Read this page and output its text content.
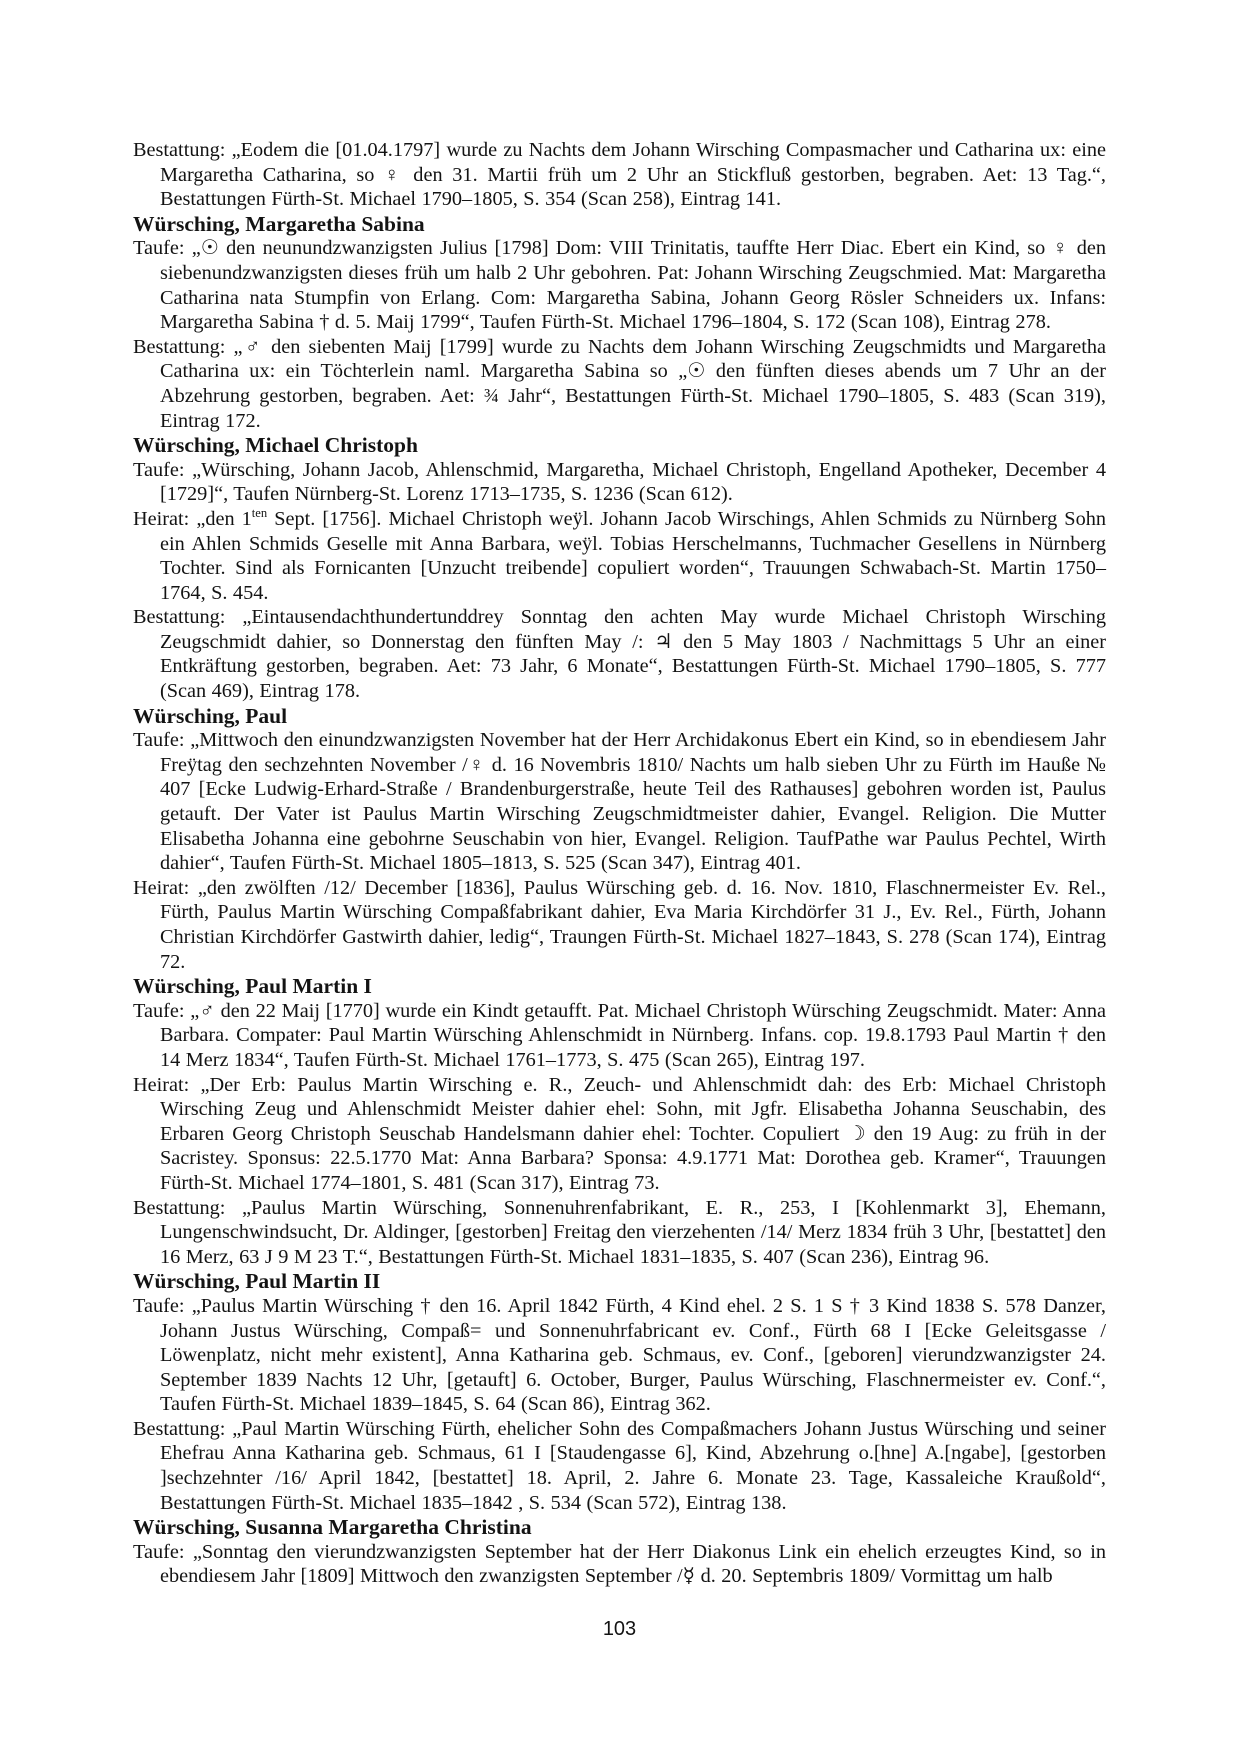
Bestattung: „Eodem die [01.04.1797] wurde zu Nachts dem Johann Wirsching Compasmacher und Catharina ux: eine Margaretha Catharina, so ♀ den 31. Martii früh um 2 Uhr an Stickfluß gestorben, begraben. Aet: 13 Tag.“, Bestattungen Fürth-St. Michael 1790–1805, S. 354 (Scan 258), Eintrag 141.

Würsching, Margaretha Sabina

Taufe: „☉ den neunundzwanzigsten Julius [1798] Dom: VIII Trinitatis, tauffte Herr Diac. Ebert ein Kind, so ♀ den siebenundzwanzigsten dieses früh um halb 2 Uhr gebohren. Pat: Johann Wirsching Zeugschmied. Mat: Margaretha Catharina nata Stumpfin von Erlang. Com: Margaretha Sabina, Johann Georg Rösler Schneiders ux. Infans: Margaretha Sabina † d. 5. Maij 1799“, Taufen Fürth-St. Michael 1796–1804, S. 172 (Scan 108), Eintrag 278.

Bestattung: „♂ den siebenten Maij [1799] wurde zu Nachts dem Johann Wirsching Zeugschmidts und Margaretha Catharina ux: ein Töchterlein naml. Margaretha Sabina so „☉ den fünften dieses abends um 7 Uhr an der Abzehrung gestorben, begraben. Aet: ¾ Jahr“, Bestattungen Fürth-St. Michael 1790–1805, S. 483 (Scan 319), Eintrag 172.

Würsching, Michael Christoph

Taufe: „Würsching, Johann Jacob, Ahlenschmid, Margaretha, Michael Christoph, Engelland Apotheker, December 4 [1729]“, Taufen Nürnberg-St. Lorenz 1713–1735, S. 1236 (Scan 612).

Heirat: „den $1^{ten}$ Sept. [1756]. Michael Christoph weÿl. Johann Jacob Wirschings, Ahlen Schmids zu Nürnberg Sohn ein Ahlen Schmids Geselle mit Anna Barbara, weÿl. Tobias Herschelmanns, Tuchmacher Gesellens in Nürnberg Tochter. Sind als Fornicanten [Unzucht treibende] copuliert worden“, Trauungen Schwabach-St. Martin 1750–1764, S. 454.

Bestattung: „Eintausendachthundertunddrey Sonntag den achten May wurde Michael Christoph Wirsching Zeugschmidt dahier, so Donnerstag den fünften May /: ♃ den 5 May 1803 / Nachmittags 5 Uhr an einer Entkräftung gestorben, begraben. Aet: 73 Jahr, 6 Monate“, Bestattungen Fürth-St. Michael 1790–1805, S. 777 (Scan 469), Eintrag 178.

Würsching, Paul

Taufe: „Mittwoch den einundzwanzigsten November hat der Herr Archidakonus Ebert ein Kind, so in ebendiesem Jahr Freÿtag den sechzehnten November /♀ d. 16 Novembris 1810/ Nachts um halb sieben Uhr zu Fürth im Hauße № 407 [Ecke Ludwig-Erhard-Straße / Brandenburgerstraße, heute Teil des Rathauses] gebohren worden ist, Paulus getauft. Der Vater ist Paulus Martin Wirsching Zeugschmidtmeister dahier, Evangel. Religion. Die Mutter Elisabetha Johanna eine gebohrne Seuschabin von hier, Evangel. Religion. TaufPathe war Paulus Pechtel, Wirth dahier“, Taufen Fürth-St. Michael 1805–1813, S. 525 (Scan 347), Eintrag 401.

Heirat: „den zwölften /12/ December [1836], Paulus Würsching geb. d. 16. Nov. 1810, Flaschnermeister Ev. Rel., Fürth, Paulus Martin Würsching Compaßfabrikant dahier, Eva Maria Kirchdörfer 31 J., Ev. Rel., Fürth, Johann Christian Kirchdörfer Gastwirth dahier, ledig“, Traungen Fürth-St. Michael 1827–1843, S. 278 (Scan 174), Eintrag 72.

Würsching, Paul Martin I

Taufe: „♂ den 22 Maij [1770] wurde ein Kindt getaufft. Pat. Michael Christoph Würsching Zeugschmidt. Mater: Anna Barbara. Compater: Paul Martin Würsching Ahlenschmidt in Nürnberg. Infans. cop. 19.8.1793 Paul Martin † den 14 Merz 1834“, Taufen Fürth-St. Michael 1761–1773, S. 475 (Scan 265), Eintrag 197.

Heirat: „Der Erb: Paulus Martin Wirsching e. R., Zeuch- und Ahlenschmidt dah: des Erb: Michael Christoph Wirsching Zeug und Ahlenschmidt Meister dahier ehel: Sohn, mit Jgfr. Elisabetha Johanna Seuschabin, des Erbaren Georg Christoph Seuschab Handelsmann dahier ehel: Tochter. Copuliert ☽ den 19 Aug: zu früh in der Sacristey. Sponsus: 22.5.1770 Mat: Anna Barbara? Sponsa: 4.9.1771 Mat: Dorothea geb. Kramer“, Trauungen Fürth-St. Michael 1774–1801, S. 481 (Scan 317), Eintrag 73.

Bestattung: „Paulus Martin Würsching, Sonnenuhrenfabrikant, E. R., 253, I [Kohlenmarkt 3], Ehemann, Lungenschwindsucht, Dr. Aldinger, [gestorben] Freitag den vierzehenten /14/ Merz 1834 früh 3 Uhr, [bestattet] den 16 Merz, 63 J 9 M 23 T.“, Bestattungen Fürth-St. Michael 1831–1835, S. 407 (Scan 236), Eintrag 96.

Würsching, Paul Martin II

Taufe: „Paulus Martin Würsching † den 16. April 1842 Fürth, 4 Kind ehel. 2 S. 1 S † 3 Kind 1838 S. 578 Danzer, Johann Justus Würsching, Compaß= und Sonnenuhrfabricant ev. Conf., Fürth 68 I [Ecke Geleitsgasse / Löwenplatz, nicht mehr existent], Anna Katharina geb. Schmaus, ev. Conf., [geboren] vierundzwanzigster 24. September 1839 Nachts 12 Uhr, [getauft] 6. October, Burger, Paulus Würsching, Flaschnermeister ev. Conf.“, Taufen Fürth-St. Michael 1839–1845, S. 64 (Scan 86), Eintrag 362.

Bestattung: „Paul Martin Würsching Fürth, ehelicher Sohn des Compaßmachers Johann Justus Würsching und seiner Ehefrau Anna Katharina geb. Schmaus, 61 I [Staudengasse 6], Kind, Abzehrung o.[hne] A.[ngabe], [gestorben ]sechzehnter /16/ April 1842, [bestattet] 18. April, 2. Jahre 6. Monate 23. Tage, Kassaleiche Kraußold“, Bestattungen Fürth-St. Michael 1835–1842 , S. 534 (Scan 572), Eintrag 138.

Würsching, Susanna Margaretha Christina

Taufe: „Sonntag den vierundzwanzigsten September hat der Herr Diakonus Link ein ehelich erzeugtes Kind, so in ebendiesem Jahr [1809] Mittwoch den zwanzigsten September /☿ d. 20. Septembris 1809/ Vormittag um halb

103
